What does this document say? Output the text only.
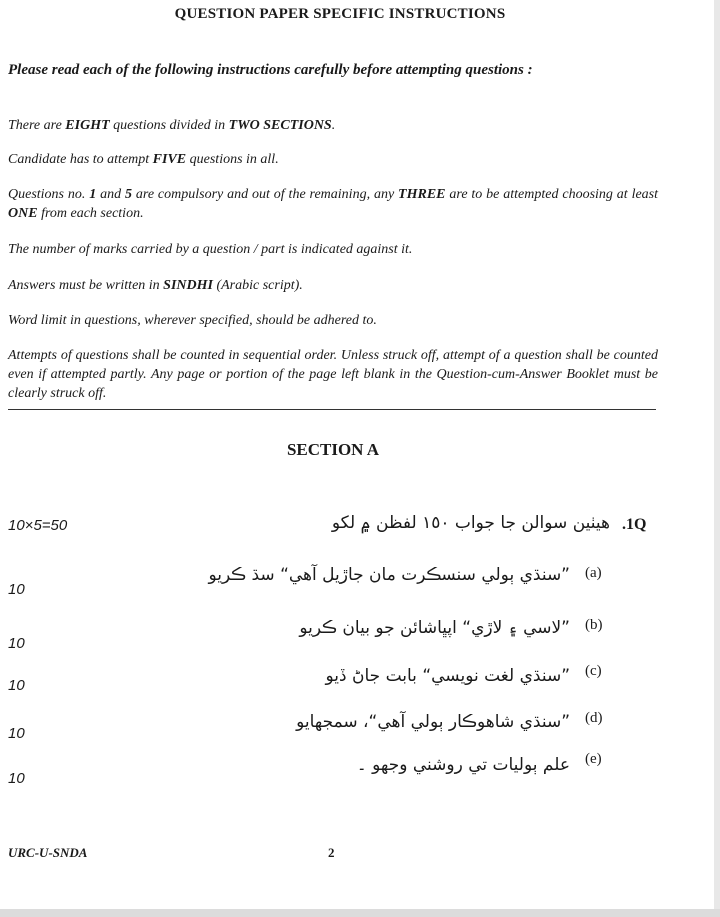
QUESTION PAPER SPECIFIC INSTRUCTIONS
Please read each of the following instructions carefully before attempting questions :
There are EIGHT questions divided in TWO SECTIONS.
Candidate has to attempt FIVE questions in all.
Questions no. 1 and 5 are compulsory and out of the remaining, any THREE are to be attempted choosing at least ONE from each section.
The number of marks carried by a question / part is indicated against it.
Answers must be written in SINDHI (Arabic script).
Word limit in questions, wherever specified, should be adhered to.
Attempts of questions shall be counted in sequential order. Unless struck off, attempt of a question shall be counted even if attempted partly. Any page or portion of the page left blank in the Question-cum-Answer Booklet must be clearly struck off.
SECTION A
10×5=50	.1Q
هيٺين سوالن جا جواب ١٥٠ لفظن ۾ لکو
10
(a)
”سنڌي ٻولي سنسڪرت مان جاڙيل آهي“ سڌ ڪريو
10
(b)
”لاسي ۽ لاڙي“ اپڀاشائن جو بيان ڪريو
10
(c)
”سنڌي لغت نويسي“ بابت جاڻ ڏيو
10
(d)
”سنڌي شاهوڪار ٻولي آهي“، سمجهايو
10
(e)
علم ٻوليات تي روشني وجهو ۔
URC-U-SNDA	2
